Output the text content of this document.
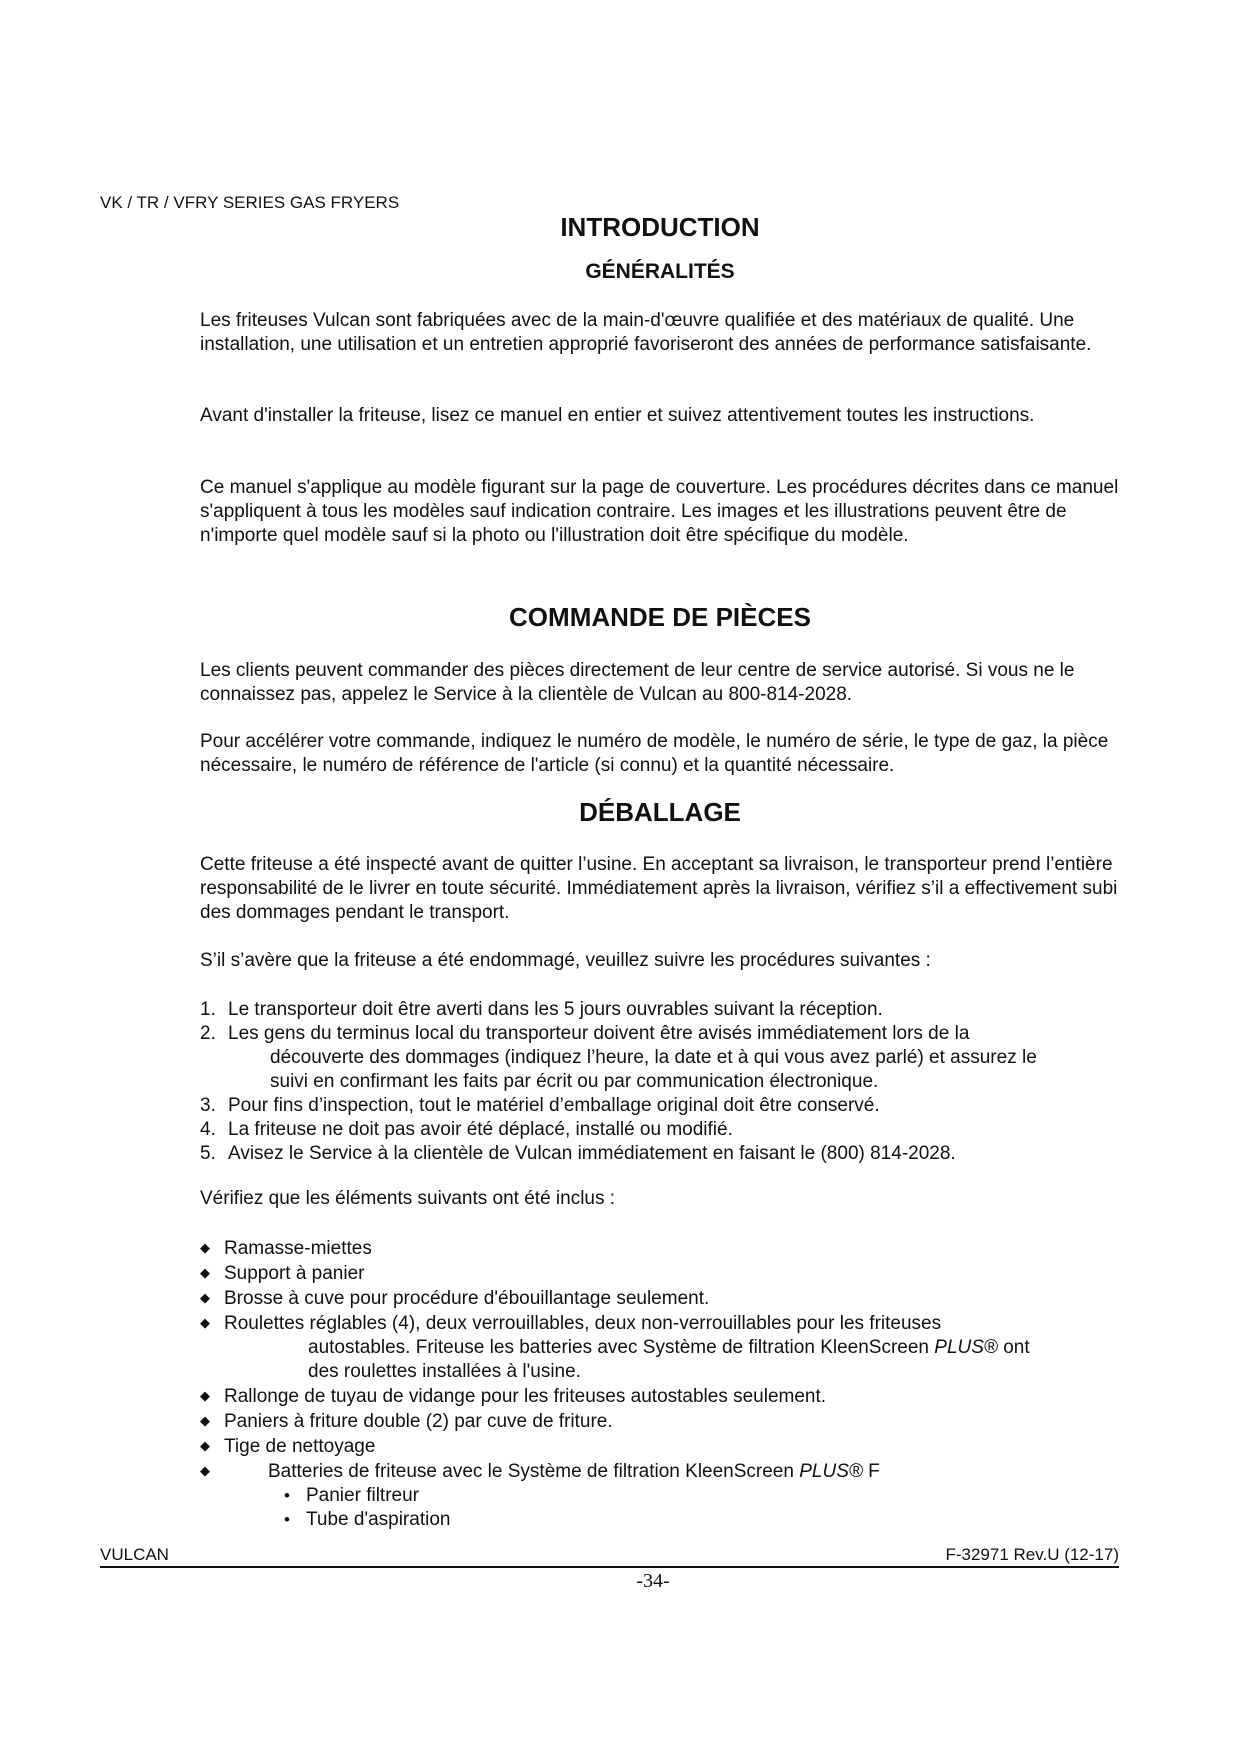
VK / TR / VFRY SERIES GAS FRYERS
INTRODUCTION
GÉNÉRALITÉS

Les friteuses Vulcan sont fabriquées avec de la main-d'œuvre qualifiée et des matériaux de qualité. Une installation, une utilisation et un entretien approprié favoriseront des années de performance satisfaisante.

Avant d'installer la friteuse, lisez ce manuel en entier et suivez attentivement toutes les instructions.

Ce manuel s'applique au modèle figurant sur la page de couverture. Les procédures décrites dans ce manuel s'appliquent à tous les modèles sauf indication contraire. Les images et les illustrations peuvent être de n'importe quel modèle sauf si la photo ou l'illustration doit être spécifique du modèle.

COMMANDE DE PIÈCES

Les clients peuvent commander des pièces directement de leur centre de service autorisé. Si vous ne le connaissez pas, appelez le Service à la clientèle de Vulcan au 800-814-2028.

Pour accélérer votre commande, indiquez le numéro de modèle, le numéro de série, le type de gaz, la pièce nécessaire, le numéro de référence de l'article (si connu) et la quantité nécessaire.

DÉBALLAGE

Cette friteuse a été inspecté avant de quitter l’usine. En acceptant sa livraison, le transporteur prend l’entière responsabilité de le livrer en toute sécurité. Immédiatement après la livraison, vérifiez s’il a effectivement subi des dommages pendant le transport.

S’il s’avère que la friteuse a été endommagé, veuillez suivre les procédures suivantes :

1. Le transporteur doit être averti dans les 5 jours ouvrables suivant la réception.
2. Les gens du terminus local du transporteur doivent être avisés immédiatement lors de la
découverte des dommages (indiquez l’heure, la date et à qui vous avez parlé) et assurez le
suivi en confirmant les faits par écrit ou par communication électronique.
3. Pour fins d’inspection, tout le matériel d’emballage original doit être conservé.
4. La friteuse ne doit pas avoir été déplacé, installé ou modifié.
5. Avisez le Service à la clientèle de Vulcan immédiatement en faisant le (800) 814-2028.

Vérifiez que les éléments suivants ont été inclus :

◆ Ramasse-miettes
◆ Support à panier
◆ Brosse à cuve pour procédure d'ébouillantage seulement.
◆ Roulettes réglables (4), deux verrouillables, deux non-verrouillables pour les friteuses
autostables. Friteuse les batteries avec Système de filtration KleenScreen PLUS® ont
des roulettes installées à l'usine.
◆ Rallonge de tuyau de vidange pour les friteuses autostables seulement.
◆ Paniers à friture double (2) par cuve de friture.
◆ Tige de nettoyage
◆	Batteries de friteuse avec le Système de filtration KleenScreen PLUS® F
• Panier filtreur
• Tube d'aspiration
VULCAN	F-32971 Rev.U (12-17)
-34-
